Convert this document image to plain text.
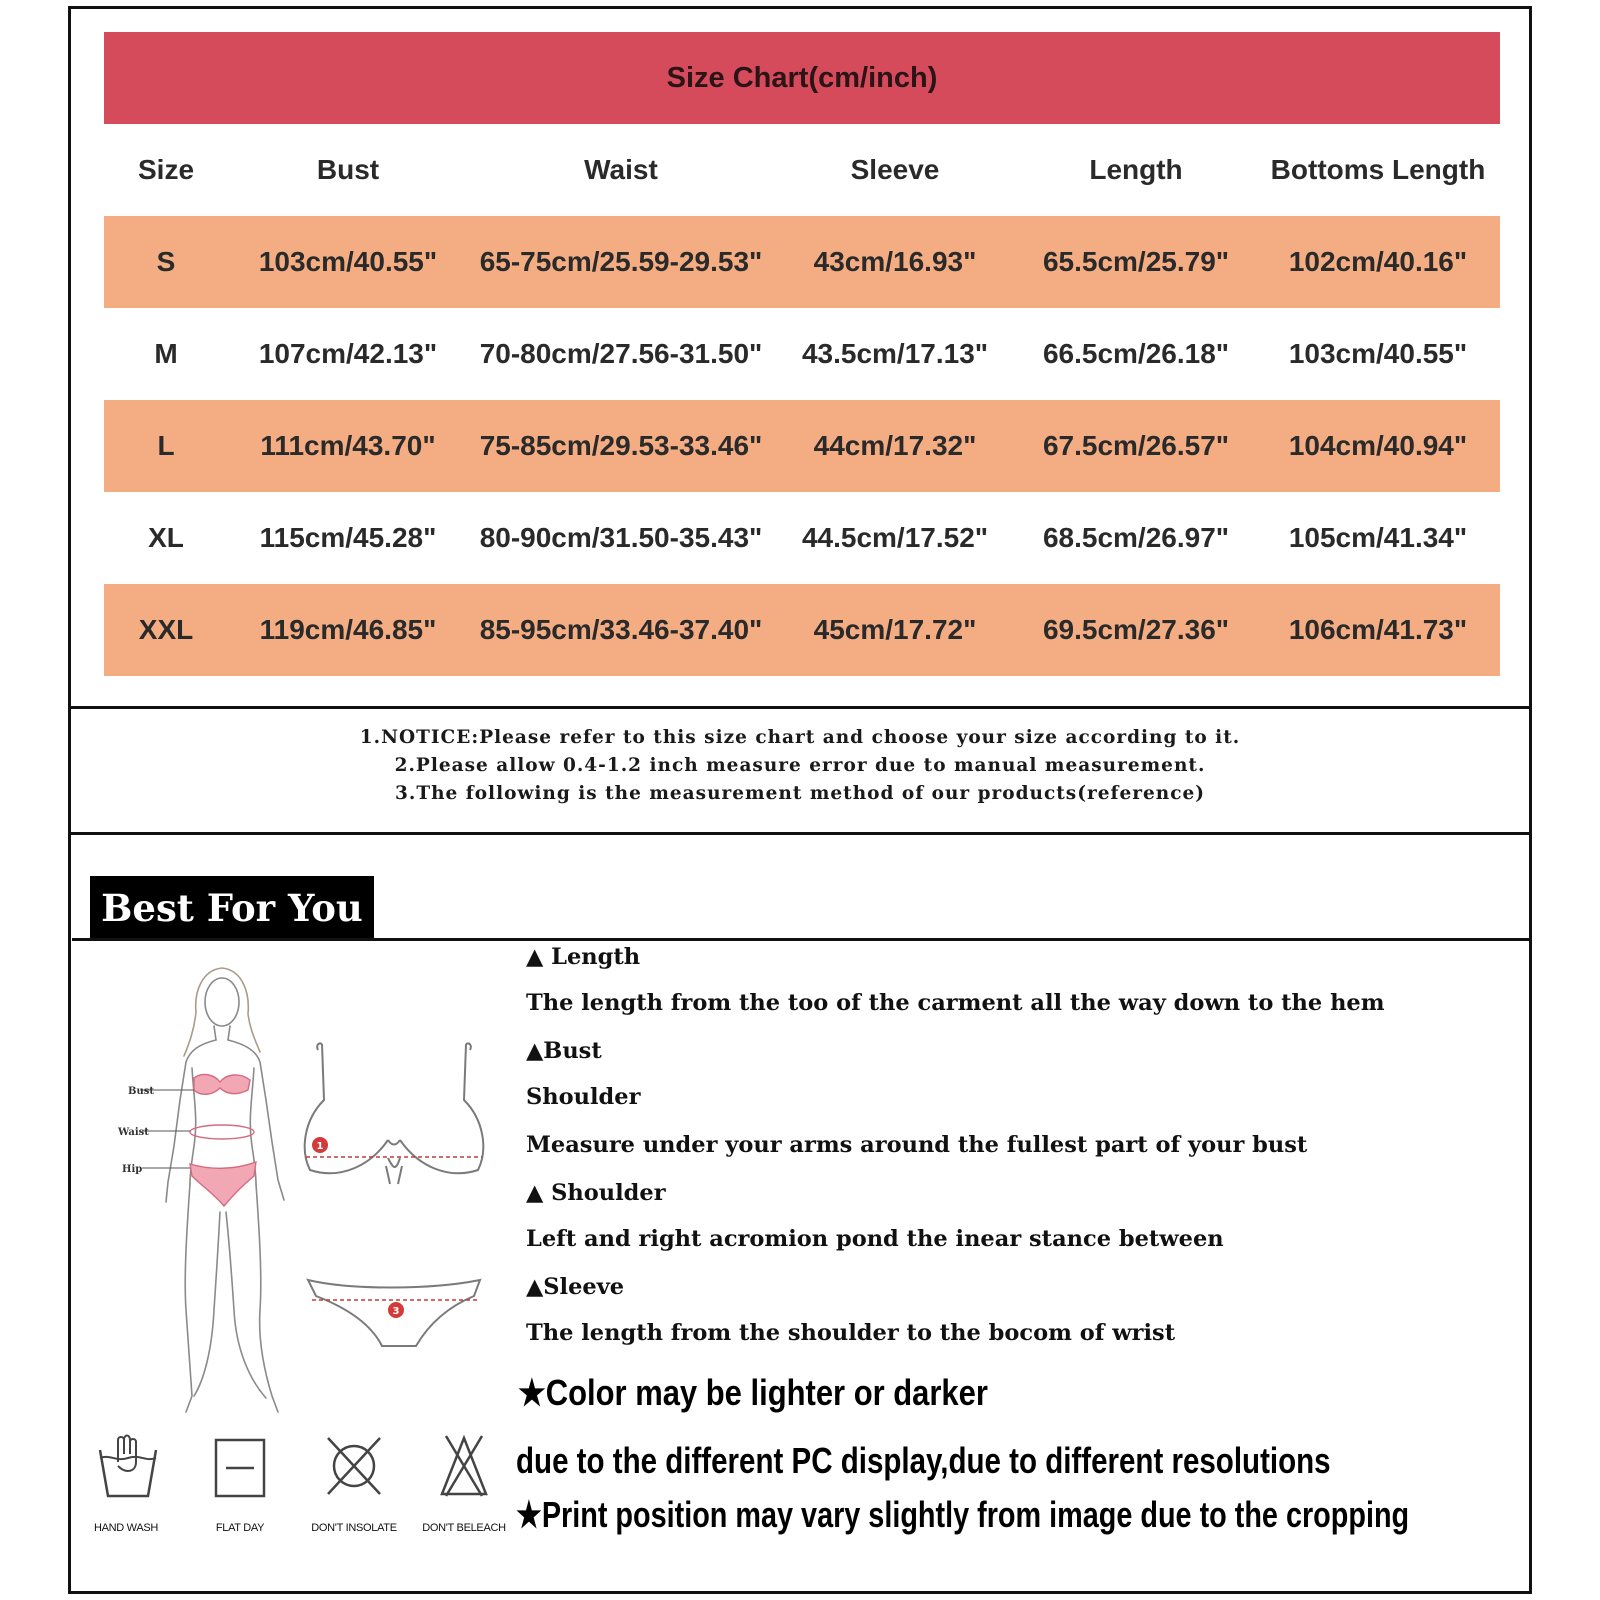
Size Chart(cm/inch)
Size	Bust	Waist	Sleeve	Length	Bottoms Length
S	103cm/40.55"	65-75cm/25.59-29.53"	43cm/16.93"	65.5cm/25.79"	102cm/40.16"
M	107cm/42.13"	70-80cm/27.56-31.50"	43.5cm/17.13"	66.5cm/26.18"	103cm/40.55"
L	111cm/43.70"	75-85cm/29.53-33.46"	44cm/17.32"	67.5cm/26.57"	104cm/40.94"
XL	115cm/45.28"	80-90cm/31.50-35.43"	44.5cm/17.52"	68.5cm/26.97"	105cm/41.34"
XXL	119cm/46.85"	85-95cm/33.46-37.40"	45cm/17.72"	69.5cm/27.36"	106cm/41.73"
1.NOTICE:Please refer to this size chart and choose your size according to it.
2.Please allow 0.4-1.2 inch measure error due to manual measurement.
3.The following is the measurement method of our products(reference)
Best For You
Bust
Waist
Hip
1
3
▲ Length
The length from the too of the carment all the way down to the hem
▲Bust
Shoulder
Measure under your arms around the fullest part of your bust
▲ Shoulder
Left and right acromion pond the inear stance between
▲Sleeve
The length from the shoulder to the bocom of wrist
★Color may be lighter or darker
due to the different PC display,due to different resolutions
★Print position may vary slightly from image due to the cropping
HAND WASH	FLAT DAY	DON'T INSOLATE DON'T BELEACH
